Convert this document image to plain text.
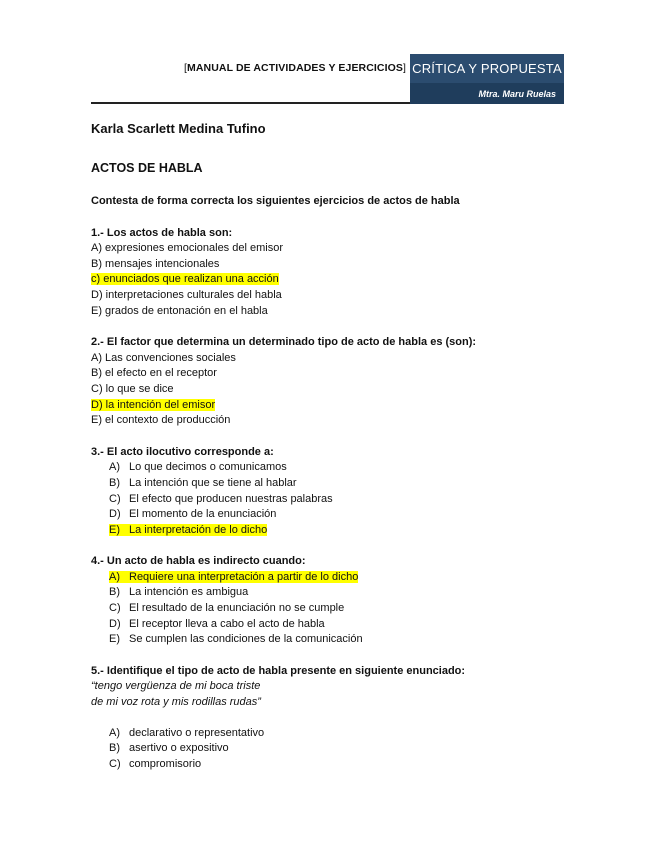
[MANUAL DE ACTIVIDADES Y EJERCICIOS] CRÍTICA Y PROPUESTA
Mtra. Maru Ruelas
Karla Scarlett Medina Tufino
ACTOS DE HABLA
Contesta de forma correcta los siguientes ejercicios de actos de habla
1.- Los actos de habla son:
A) expresiones emocionales del emisor
B) mensajes intencionales
c) enunciados que realizan una acción
D) interpretaciones culturales del habla
E) grados de entonación en el habla
2.- El factor que determina un determinado tipo de acto de habla es (son):
A) Las convenciones sociales
B) el efecto en el receptor
C) lo que se dice
D) la intención del emisor
E) el contexto de producción
3.- El acto ilocutivo corresponde a:
A) Lo que decimos o comunicamos
B) La intención que se tiene al hablar
C) El efecto que producen nuestras palabras
D) El momento de la enunciación
E) La interpretación de lo dicho
4.- Un acto de habla es indirecto cuando:
A) Requiere una interpretación a partir de lo dicho
B) La intención es ambigua
C) El resultado de la enunciación no se cumple
D) El receptor lleva a cabo el acto de habla
E) Se cumplen las condiciones de la comunicación
5.- Identifique el tipo de acto de habla presente en siguiente enunciado:
“tengo vergüenza de mi boca triste
de mi voz rota y mis rodillas rudas”
A) declarativo o representativo
B) asertivo o expositivo
C) compromisorio
